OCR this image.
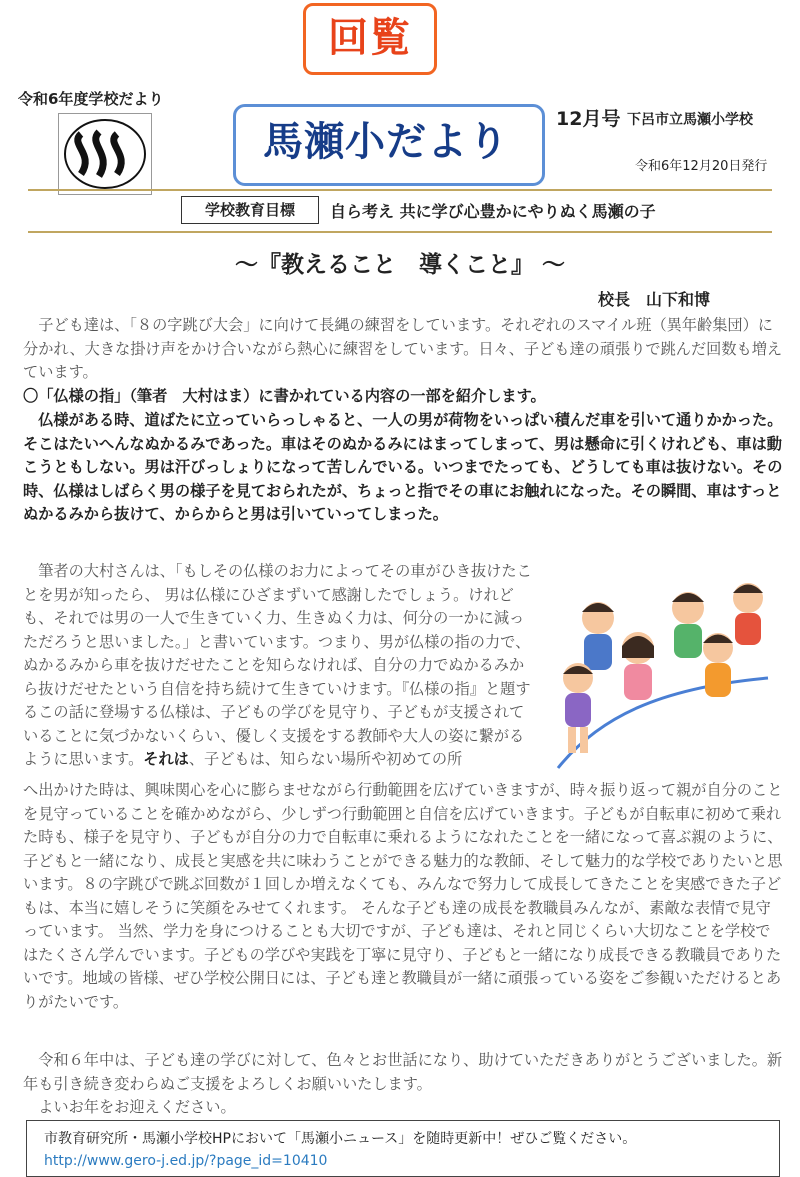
回覧
令和6年度学校だより
馬瀬小だより	12月号 下呂市立馬瀬小学校
令和6年12月20日発行
学校教育目標	自ら考え 共に学び心豊かにやりぬく馬瀬の子
～『教えること　導くこと』 ～
校長　山下和博
　子ども達は、「８の字跳び大会」に向けて長縄の練習をしています。それぞれのスマイル班（異年齢集団）に分かれ、大きな掛け声をかけ合いながら熱心に練習をしています。日々、子ども達の頑張りで跳んだ回数も増えています。
〇「仏様の指」（筆者　大村はま）に書かれている内容の一部を紹介します。
　仏様がある時、道ばたに立っていらっしゃると、一人の男が荷物をいっぱい積んだ車を引いて通りかかった。そこはたいへんなぬかるみであった。車はそのぬかるみにはまってしまって、男は懸命に引くけれども、車は動こうともしない。男は汗びっしょりになって苦しんでいる。いつまでたっても、どうしても車は抜けない。その時、仏様はしばらく男の様子を見ておられたが、ちょっと指でその車にお触れになった。その瞬間、車はすっとぬかるみから抜けて、からからと男は引いていってしまった。
　筆者の大村さんは、「もしその仏様のお力によってその車がひき抜けたことを男が知ったら、 男は仏様にひざまずいて感謝したでしょう。けれども、それでは男の一人で生きていく力、生きぬく力は、何分の一かに減っただろうと思いました。」と書いています。つまり、男が仏様の指の力で、ぬかるみから車を抜けだせたことを知らなければ、自分の力でぬかるみから抜けだせたという自信を持ち続けて生きていけます。『仏様の指』と題するこの話に登場する仏様は、子どもの学びを見守り、子どもが支援されていることに気づかないくらい、優しく支援をする教師や大人の姿に繋がるように思います。それは、子どもは、知らない場所や初めての所
へ出かけた時は、興味関心を心に膨らませながら行動範囲を広げていきますが、時々振り返って親が自分のことを見守っていることを確かめながら、少しずつ行動範囲と自信を広げていきます。子どもが自転車に初めて乗れた時も、様子を見守り、子どもが自分の力で自転車に乗れるようになれたことを一緒になって喜ぶ親のように、子どもと一緒になり、成長と実感を共に味わうことができる魅力的な教師、そして魅力的な学校でありたいと思います。８の字跳びで跳ぶ回数が１回しか増えなくても、みんなで努力して成長してきたことを実感できた子どもは、本当に嬉しそうに笑顔をみせてくれます。 そんな子ども達の成長を教職員みんなが、素敵な表情で見守っています。 当然、学力を身につけることも大切ですが、子ども達は、それと同じくらい大切なことを学校ではたくさん学んでいます。子どもの学びや実践を丁寧に見守り、子どもと一緒になり成長できる教職員でありたいです。地域の皆様、ぜひ学校公開日には、子ども達と教職員が一緒に頑張っている姿をご参観いただけるとありがたいです。
　令和６年中は、子ども達の学びに対して、色々とお世話になり、助けていただきありがとうございました。新年も引き続き変わらぬご支援をよろしくお願いいたします。
　よいお年をお迎えください。
市教育研究所・馬瀬小学校HPにおいて「馬瀬小ニュース」を随時更新中！ぜひご覧ください。
http://www.gero-j.ed.jp/?page_id=10410
